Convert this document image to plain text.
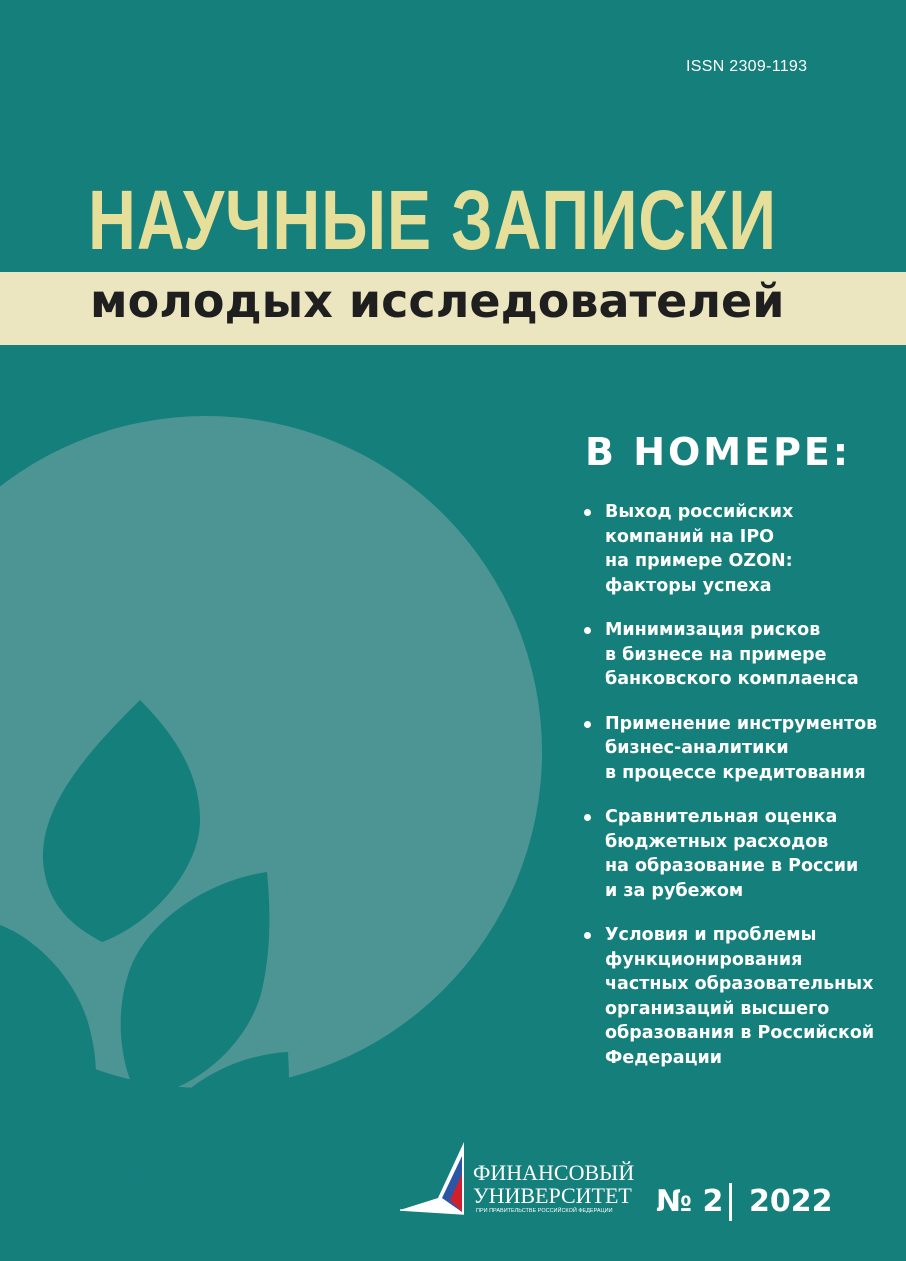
ISSN 2309-1193
НАУЧНЫЕ ЗАПИСКИ
молодых исследователей
В НОМЕРЕ:
Выход российских
компаний на IPO
на примере OZON:
факторы успеха
Минимизация рисков
в бизнесе на примере
банковского комплаенса
Применение инструментов
бизнес-аналитики
в процессе кредитования
Сравнительная оценка
бюджетных расходов
на образование в России
и за рубежом
Условия и проблемы
функционирования
частных образовательных
организаций высшего
образования в Российской
Федерации
ФИНАНСОВЫЙ
УНИВЕРСИТЕТ
ПРИ ПРАВИТЕЛЬСТВЕ РОССИЙСКОЙ ФЕДЕРАЦИИ № 2 2022
